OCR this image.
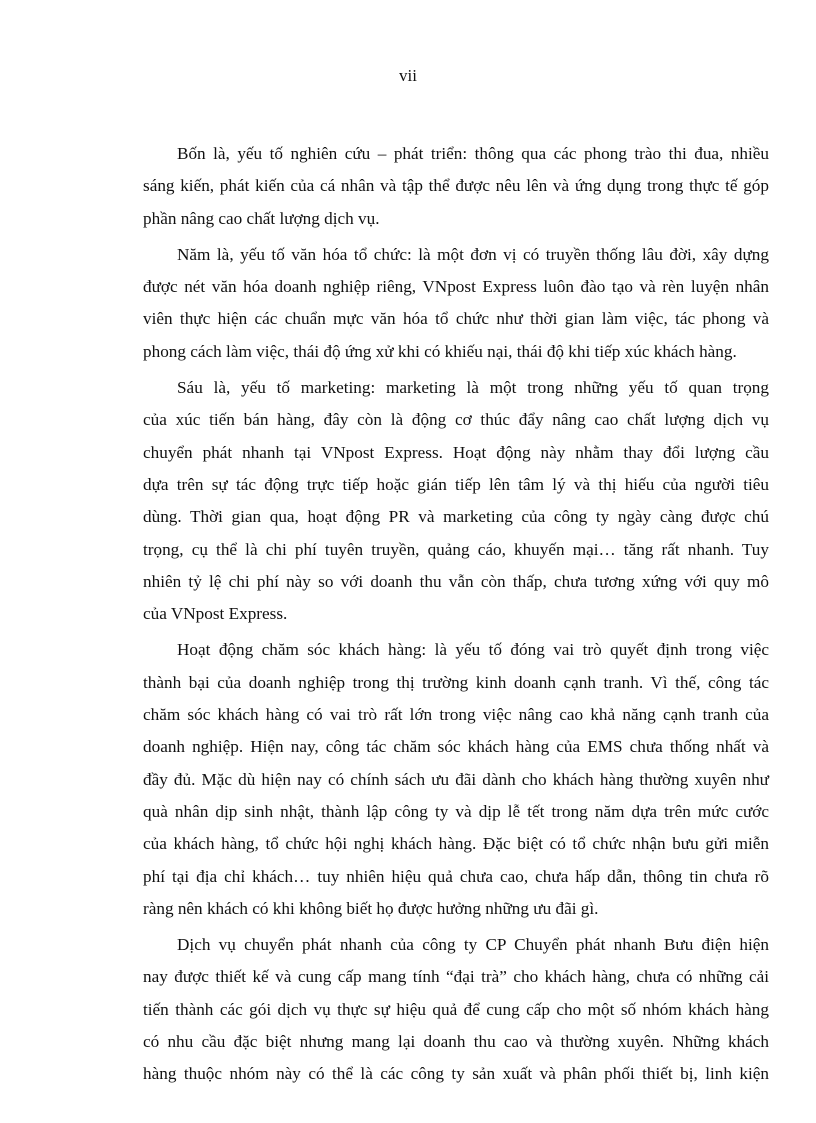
vii

Bốn là, yếu tố nghiên cứu – phát triển: thông qua các phong trào thi đua, nhiều
sáng kiến, phát kiến của cá nhân và tập thể được nêu lên và ứng dụng trong thực tế góp
phần nâng cao chất lượng dịch vụ.

Năm là, yếu tố văn hóa tổ chức: là một đơn vị có truyền thống lâu đời, xây dựng
được nét văn hóa doanh nghiệp riêng, VNpost Express luôn đào tạo và rèn luyện nhân
viên thực hiện các chuẩn mực văn hóa tổ chức như thời gian làm việc, tác phong và
phong cách làm việc, thái độ ứng xử khi có khiếu nại, thái độ khi tiếp xúc khách hàng.

Sáu là, yếu tố marketing: marketing là một trong những yếu tố quan trọng
của xúc tiến bán hàng, đây còn là động cơ thúc đẩy nâng cao chất lượng dịch vụ
chuyển phát nhanh tại VNpost Express. Hoạt động này nhằm thay đổi lượng cầu
dựa trên sự tác động trực tiếp hoặc gián tiếp lên tâm lý và thị hiếu của người tiêu
dùng. Thời gian qua, hoạt động PR và marketing của công ty ngày càng được chú
trọng, cụ thể là chi phí tuyên truyền, quảng cáo, khuyến mại… tăng rất nhanh. Tuy
nhiên tỷ lệ chi phí này so với doanh thu vẫn còn thấp, chưa tương xứng với quy mô
của VNpost Express.

Hoạt động chăm sóc khách hàng: là yếu tố đóng vai trò quyết định trong việc
thành bại của doanh nghiệp trong thị trường kinh doanh cạnh tranh. Vì thế, công tác
chăm sóc khách hàng có vai trò rất lớn trong việc nâng cao khả năng cạnh tranh của
doanh nghiệp. Hiện nay, công tác chăm sóc khách hàng của EMS chưa thống nhất và
đầy đủ. Mặc dù hiện nay có chính sách ưu đãi dành cho khách hàng thường xuyên như
quà nhân dịp sinh nhật, thành lập công ty và dịp lễ tết trong năm dựa trên mức cước
của khách hàng, tổ chức hội nghị khách hàng. Đặc biệt có tổ chức nhận bưu gửi miễn
phí tại địa chỉ khách… tuy nhiên hiệu quả chưa cao, chưa hấp dẫn, thông tin chưa rõ
ràng nên khách có khi không biết họ được hưởng những ưu đãi gì.

Dịch vụ chuyển phát nhanh của công ty CP Chuyển phát nhanh Bưu điện hiện
nay được thiết kế và cung cấp mang tính “đại trà” cho khách hàng, chưa có những cải
tiến thành các gói dịch vụ thực sự hiệu quả để cung cấp cho một số nhóm khách hàng
có nhu cầu đặc biệt nhưng mang lại doanh thu cao và thường xuyên. Những khách
hàng thuộc nhóm này có thể là các công ty sản xuất và phân phối thiết bị, linh kiện
